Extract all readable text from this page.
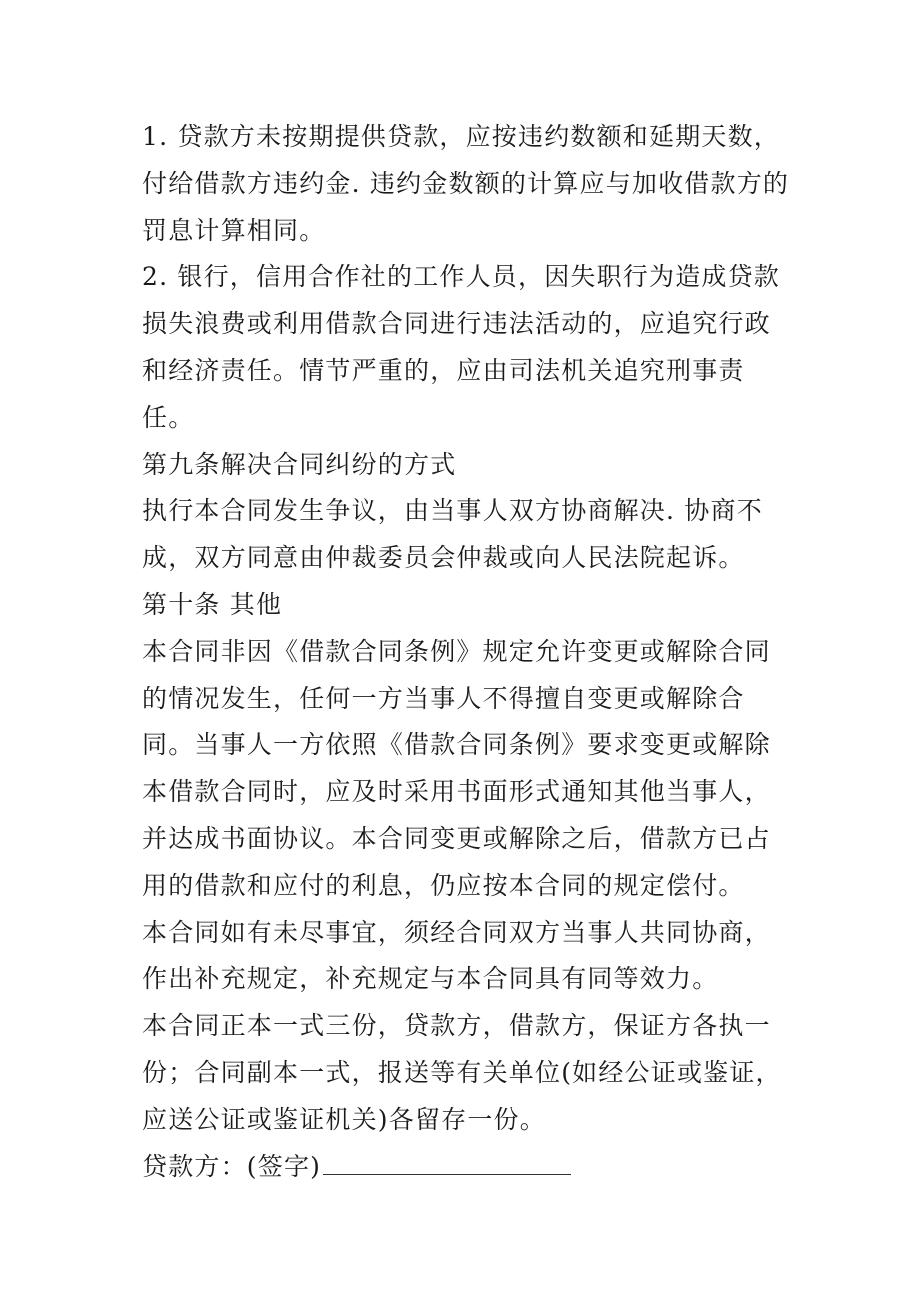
1. 贷款方未按期提供贷款，应按违约数额和延期天数，付给借款方违约金. 违约金数额的计算应与加收借款方的罚息计算相同。

2. 银行，信用合作社的工作人员，因失职行为造成贷款损失浪费或利用借款合同进行违法活动的，应追究行政和经济责任。情节严重的，应由司法机关追究刑事责任。

第九条解决合同纠纷的方式

执行本合同发生争议，由当事人双方协商解决. 协商不成，双方同意由仲裁委员会仲裁或向人民法院起诉。

第十条 其他

本合同非因《借款合同条例》规定允许变更或解除合同的情况发生，任何一方当事人不得擅自变更或解除合同。当事人一方依照《借款合同条例》要求变更或解除本借款合同时，应及时采用书面形式通知其他当事人，并达成书面协议。本合同变更或解除之后，借款方已占用的借款和应付的利息，仍应按本合同的规定偿付。

本合同如有未尽事宜，须经合同双方当事人共同协商，作出补充规定，补充规定与本合同具有同等效力。

本合同正本一式三份，贷款方，借款方，保证方各执一份；合同副本一式，报送等有关单位(如经公证或鉴证，应送公证或鉴证机关)各留存一份。

贷款方：(签字)
